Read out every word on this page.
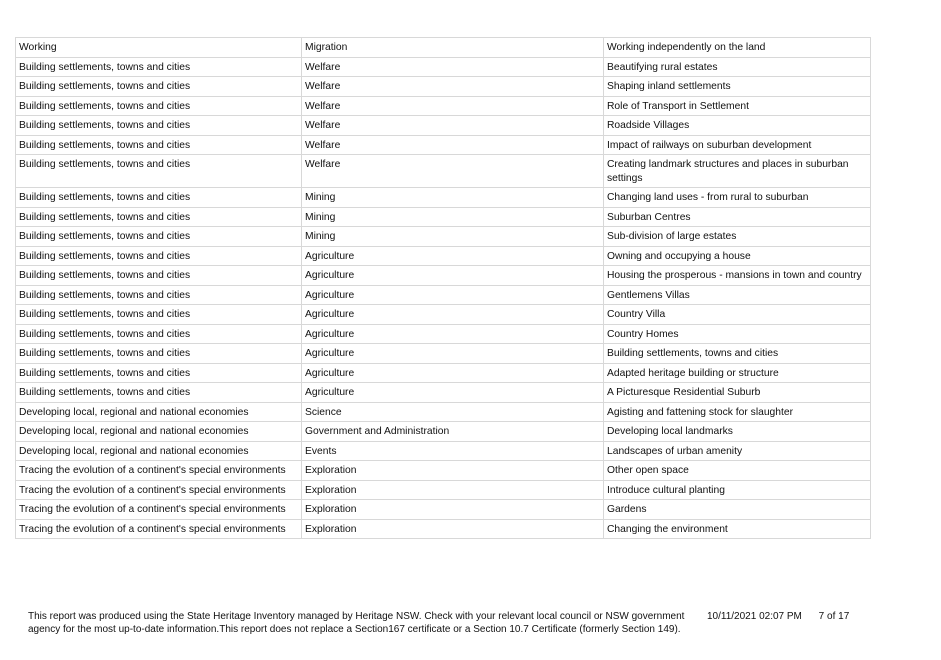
Working	Migration	Working independently on the land
Building settlements, towns and cities	Welfare	Beautifying rural estates
Building settlements, towns and cities	Welfare	Shaping inland settlements
Building settlements, towns and cities	Welfare	Role of Transport in Settlement
Building settlements, towns and cities	Welfare	Roadside Villages
Building settlements, towns and cities	Welfare	Impact of railways on suburban development
Building settlements, towns and cities	Welfare	Creating landmark structures and places in suburban settings
Building settlements, towns and cities	Mining	Changing land uses - from rural to suburban
Building settlements, towns and cities	Mining	Suburban Centres
Building settlements, towns and cities	Mining	Sub-division of large estates
Building settlements, towns and cities	Agriculture	Owning and occupying a house
Building settlements, towns and cities	Agriculture	Housing the prosperous - mansions in town and country
Building settlements, towns and cities	Agriculture	Gentlemens Villas
Building settlements, towns and cities	Agriculture	Country Villa
Building settlements, towns and cities	Agriculture	Country Homes
Building settlements, towns and cities	Agriculture	Building settlements, towns and cities
Building settlements, towns and cities	Agriculture	Adapted heritage building or structure
Building settlements, towns and cities	Agriculture	A Picturesque Residential Suburb
Developing local, regional and national economies	Science	Agisting and fattening stock for slaughter
Developing local, regional and national economies	Government and Administration	Developing local landmarks
Developing local, regional and national economies	Events	Landscapes of urban amenity
Tracing the evolution of a continent's special environments	Exploration	Other open space
Tracing the evolution of a continent's special environments	Exploration	Introduce cultural planting
Tracing the evolution of a continent's special environments	Exploration	Gardens
Tracing the evolution of a continent's special environments	Exploration	Changing the environment
This report was produced using the State Heritage Inventory managed by Heritage NSW. Check with your relevant local council or NSW government agency for the most up-to-date information.This report does not replace a Section167 certificate or a Section 10.7 Certificate (formerly Section 149).
10/11/2021 02:07 PM 7 of 17
